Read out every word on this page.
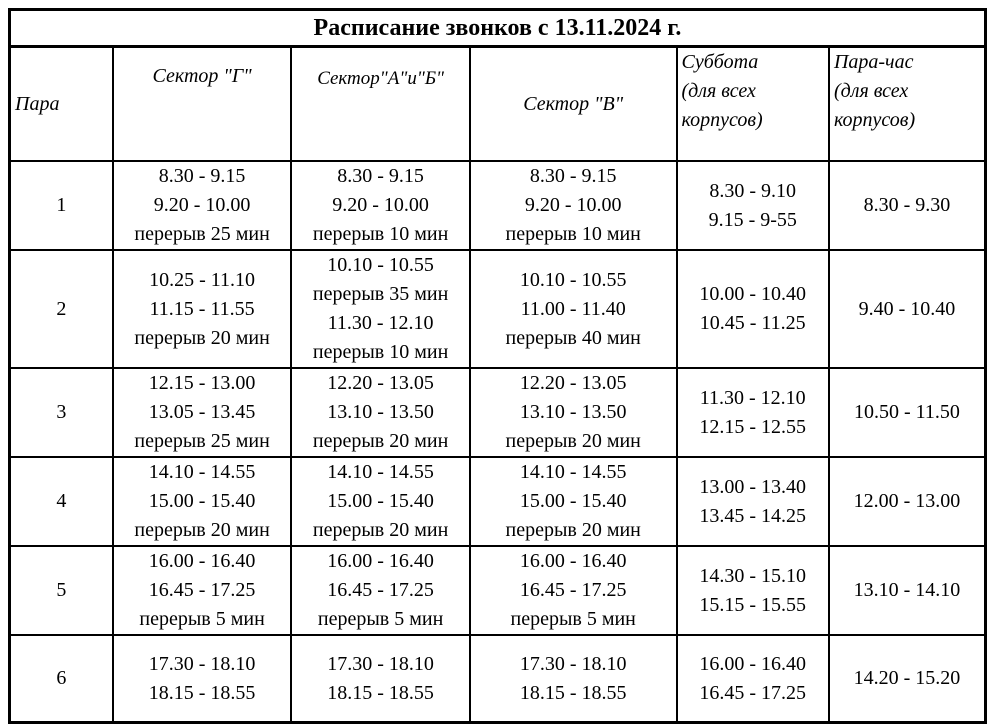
Расписание звонков с 13.11.2024 г.					
Пара	Сектор "Г"	Сектор"А"и"Б"	Сектор "В"	Суббота
(для всех
корпусов)	Пара-час
(для всех
корпусов)

1	8.30 - 9.15
9.20 - 10.00
перерыв 25 мин	8.30 - 9.15
9.20 - 10.00
перерыв 10 мин	8.30 - 9.15
9.20 - 10.00
перерыв 10 мин	8.30 - 9.10
9.15 - 9-55	8.30 - 9.30
2	10.25 - 11.10
11.15 - 11.55
перерыв 20 мин	10.10 - 10.55
перерыв 35 мин
11.30 - 12.10
перерыв 10 мин	10.10 - 10.55
11.00 - 11.40
перерыв 40 мин	10.00 - 10.40
10.45 - 11.25	9.40 - 10.40
3	12.15 - 13.00
13.05 - 13.45
перерыв 25 мин	12.20 - 13.05
13.10 - 13.50
перерыв 20 мин	12.20 - 13.05
13.10 - 13.50
перерыв 20 мин	11.30 - 12.10
12.15 - 12.55	10.50 - 11.50
4	14.10 - 14.55
15.00 - 15.40
перерыв 20 мин	14.10 - 14.55
15.00 - 15.40
перерыв 20 мин	14.10 - 14.55
15.00 - 15.40
перерыв 20 мин	13.00 - 13.40
13.45 - 14.25	12.00 - 13.00
5	16.00 - 16.40
16.45 - 17.25
перерыв 5 мин	16.00 - 16.40
16.45 - 17.25
перерыв 5 мин	16.00 - 16.40
16.45 - 17.25
перерыв 5 мин	14.30 - 15.10
15.15 - 15.55	13.10 - 14.10
6	17.30 - 18.10
18.15 - 18.55	17.30 - 18.10
18.15 - 18.55	17.30 - 18.10
18.15 - 18.55	16.00 - 16.40
16.45 - 17.25	14.20 - 15.20
